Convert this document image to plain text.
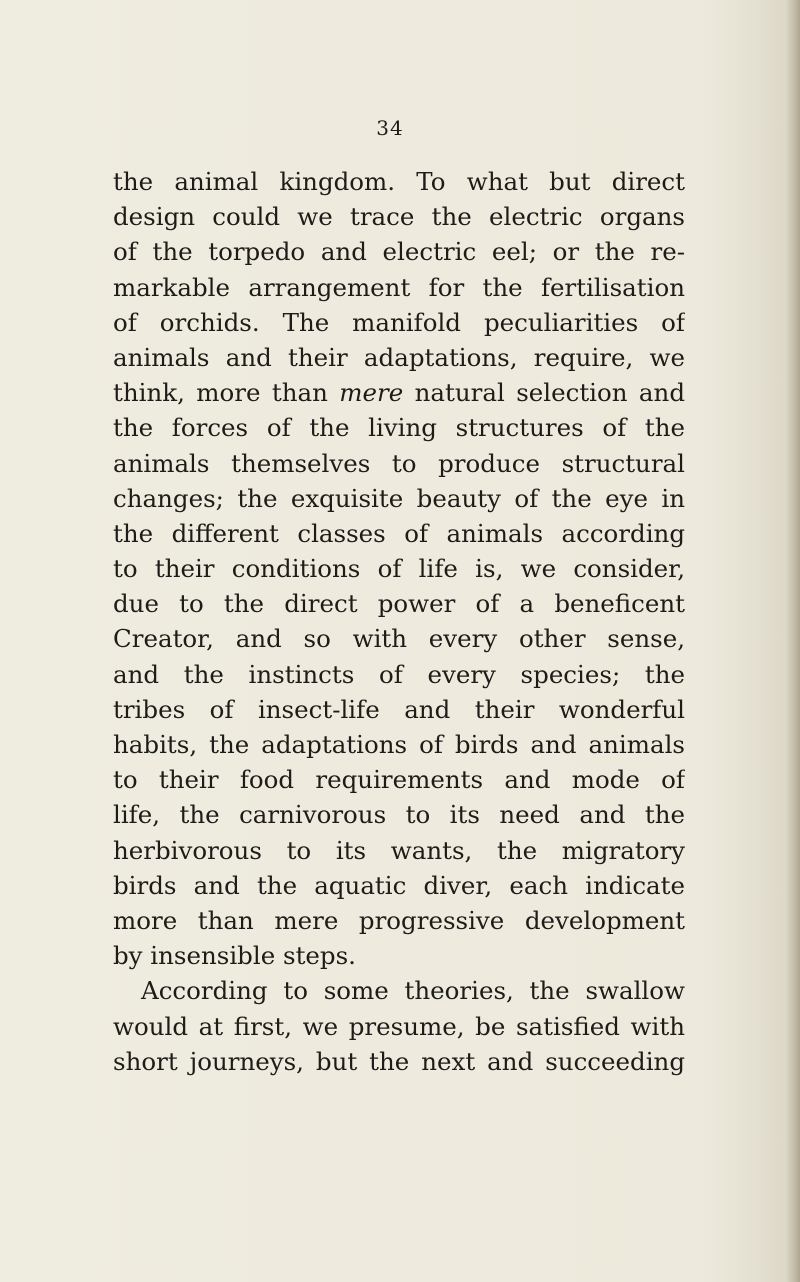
34
the animal kingdom. To what but direct
design could we trace the electric organs
of the torpedo and electric eel; or the re-
markable arrangement for the fertilisation
of orchids. The manifold peculiarities of
animals and their adaptations, require, we
think, more than mere natural selection and
the forces of the living structures of the
animals themselves to produce structural
changes; the exquisite beauty of the eye in
the different classes of animals according
to their conditions of life is, we consider,
due to the direct power of a beneficent
Creator, and so with every other sense,
and the instincts of every species; the
tribes of insect-life and their wonderful
habits, the adaptations of birds and animals
to their food requirements and mode of
life, the carnivorous to its need and the
herbivorous to its wants, the migratory
birds and the aquatic diver, each indicate
more than mere progressive development
by insensible steps.
According to some theories, the swallow
would at first, we presume, be satisfied with
short journeys, but the next and succeeding
